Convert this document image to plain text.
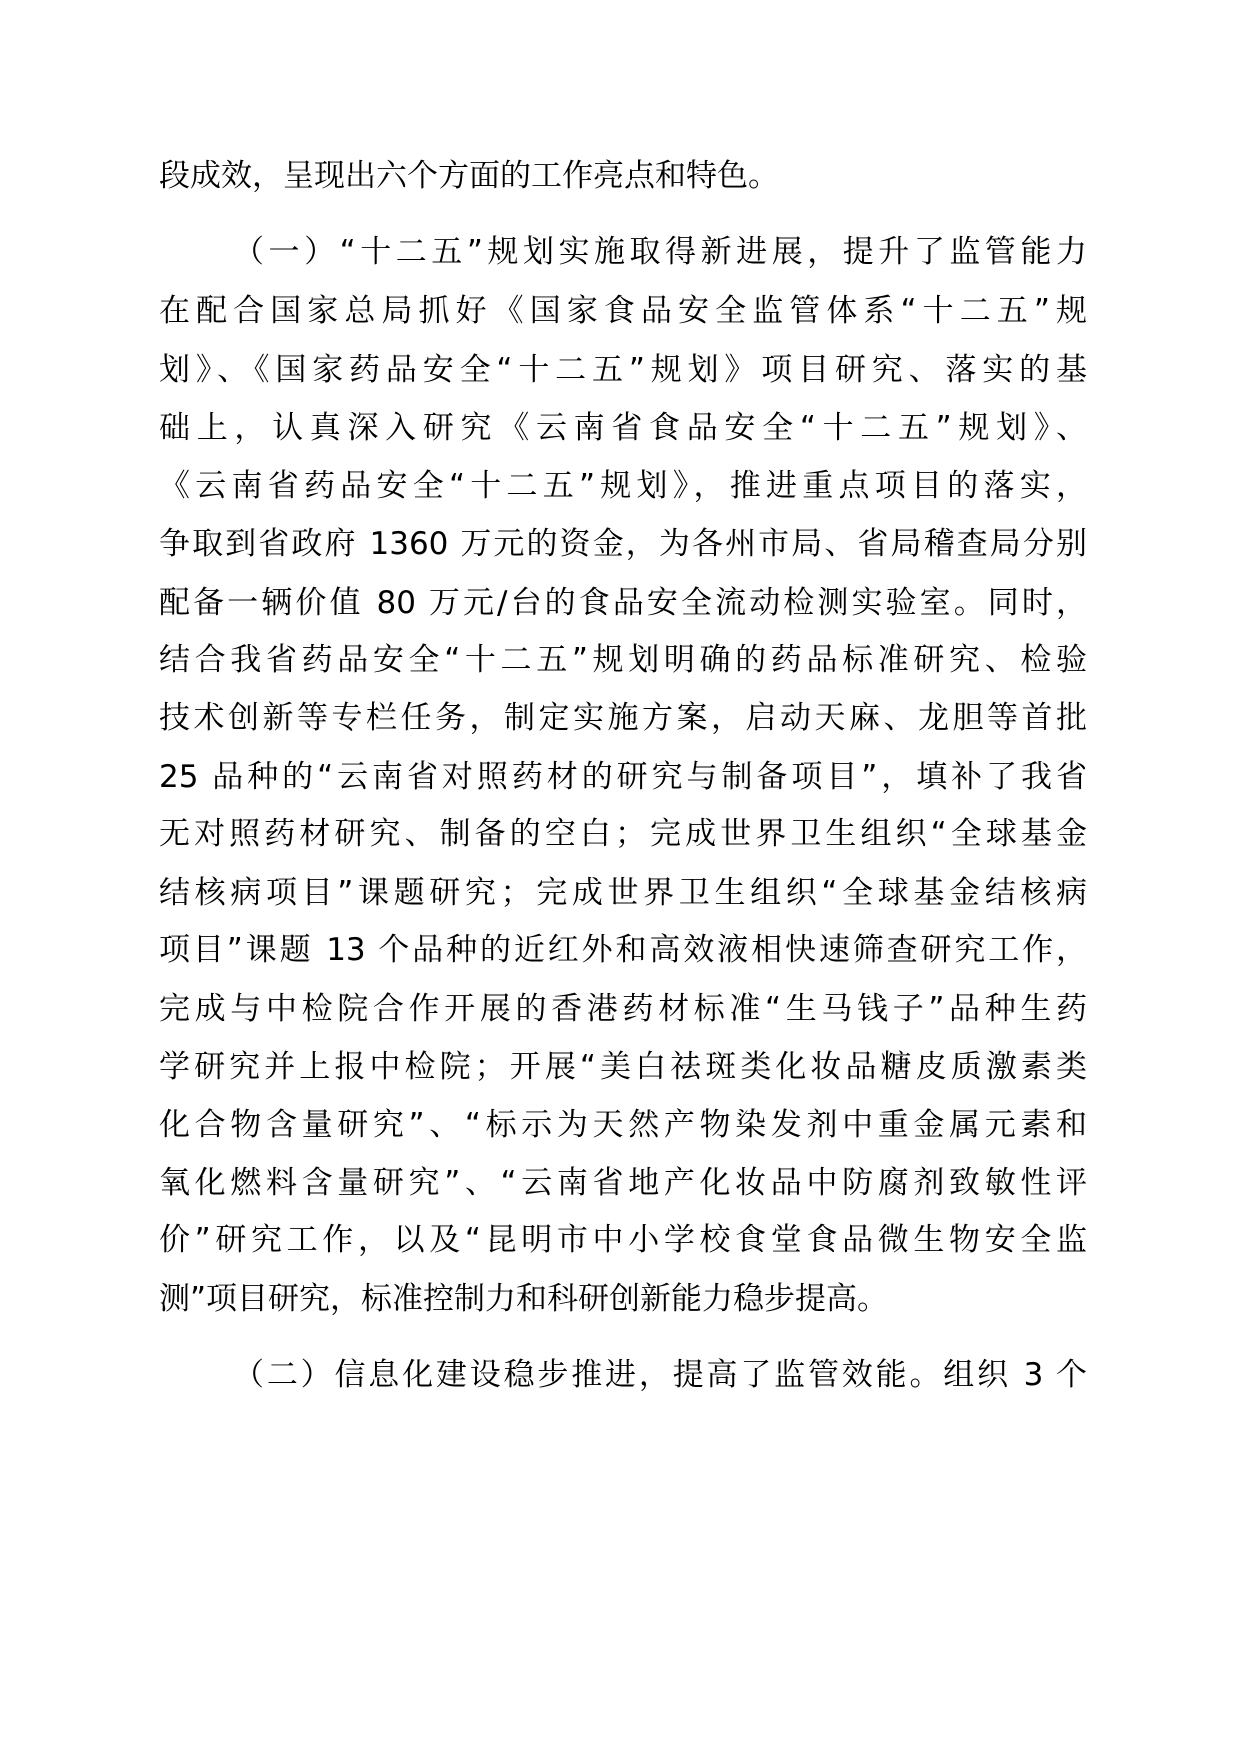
段成效，呈现出六个方面的工作亮点和特色。
（一）“十二五”规划实施取得新进展，提升了监管能力
在配合国家总局抓好《国家食品安全监管体系“十二五”规
划》、《国家药品安全“十二五”规划》项目研究、落实的基
础上，认真深入研究《云南省食品安全“十二五”规划》、
《云南省药品安全“十二五”规划》，推进重点项目的落实，
争取到省政府 1360 万元的资金，为各州市局、省局稽查局分别
配备一辆价值 80 万元/台的食品安全流动检测实验室。同时，
结合我省药品安全“十二五”规划明确的药品标准研究、检验
技术创新等专栏任务，制定实施方案，启动天麻、龙胆等首批
25 品种的“云南省对照药材的研究与制备项目”，填补了我省
无对照药材研究、制备的空白；完成世界卫生组织“全球基金
结核病项目”课题研究；完成世界卫生组织“全球基金结核病
项目”课题 13 个品种的近红外和高效液相快速筛查研究工作，
完成与中检院合作开展的香港药材标准“生马钱子”品种生药
学研究并上报中检院；开展“美白祛斑类化妆品糖皮质激素类
化合物含量研究”、“标示为天然产物染发剂中重金属元素和
氧化燃料含量研究”、“云南省地产化妆品中防腐剂致敏性评
价”研究工作，以及“昆明市中小学校食堂食品微生物安全监
测”项目研究，标准控制力和科研创新能力稳步提高。
（二）信息化建设稳步推进，提高了监管效能。组织 3 个
